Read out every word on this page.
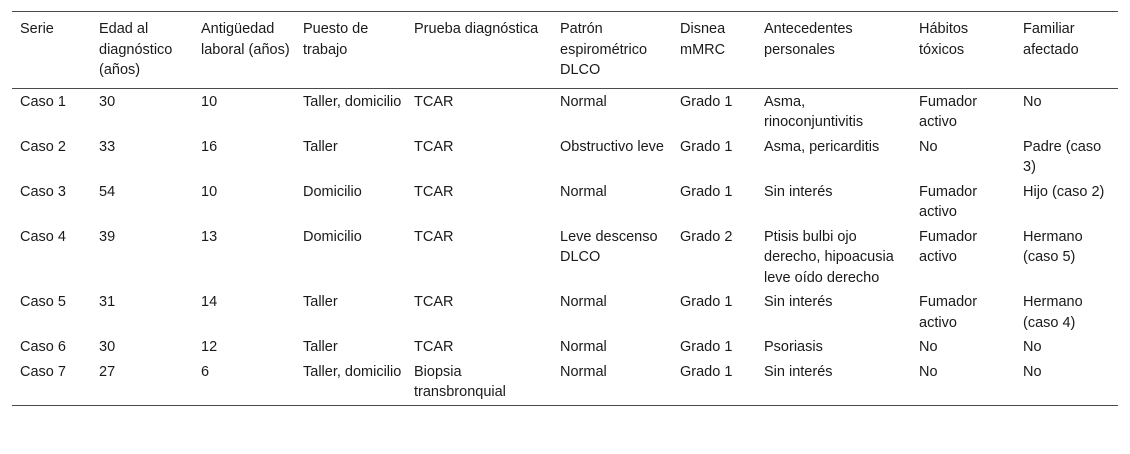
Serie	Edad al diagnóstico (años)	Antigüedad laboral (años)	Puesto de trabajo	Prueba diagnóstica	Patrón espirométrico DLCO	Disnea mMRC	Antecedentes personales	Hábitos tóxicos	Familiar afectado
Caso 1	30	10	Taller, domicilio	TCAR	Normal	Grado 1	Asma, rinoconjuntivitis	Fumador activo	No
Caso 2	33	16	Taller	TCAR	Obstructivo leve	Grado 1	Asma, pericarditis	No	Padre (caso 3)
Caso 3	54	10	Domicilio	TCAR	Normal	Grado 1	Sin interés	Fumador activo	Hijo (caso 2)
Caso 4	39	13	Domicilio	TCAR	Leve descenso DLCO	Grado 2	Ptisis bulbi ojo derecho, hipoacusia leve oído derecho	Fumador activo	Hermano (caso 5)
Caso 5	31	14	Taller	TCAR	Normal	Grado 1	Sin interés	Fumador activo	Hermano (caso 4)
Caso 6	30	12	Taller	TCAR	Normal	Grado 1	Psoriasis	No	No
Caso 7	27	6	Taller, domicilio	Biopsia transbronquial	Normal	Grado 1	Sin interés	No	No
